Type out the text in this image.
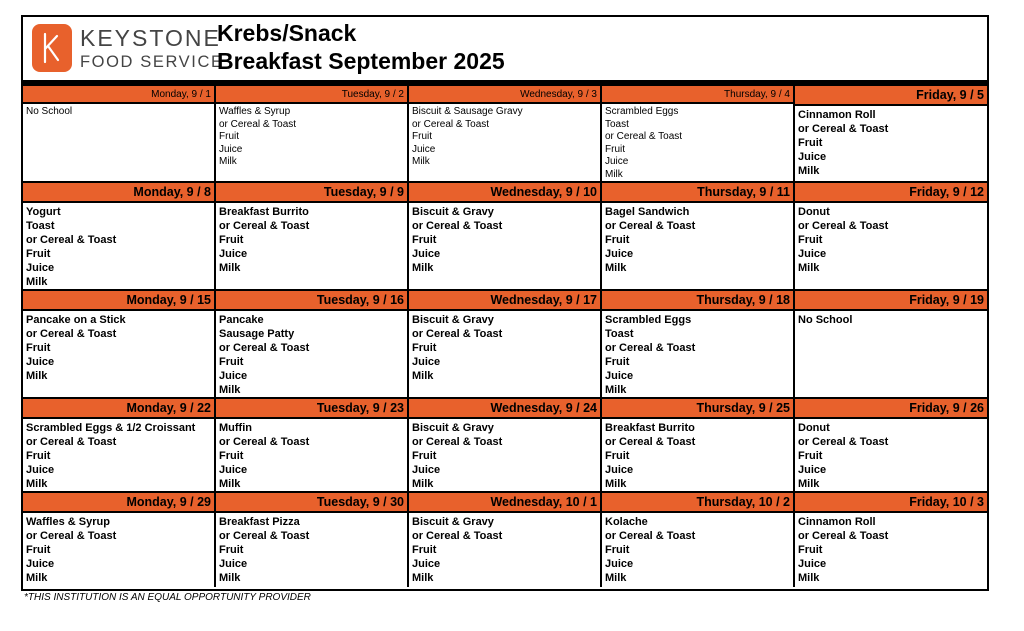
KEYSTONE
FOOD SERVICE
Krebs/Snack
Breakfast September 2025
Monday, 9 / 1
No School
Tuesday, 9 / 2
Waffles & Syrup
or Cereal & Toast
Fruit
Juice
Milk
Wednesday, 9 / 3
Biscuit & Sausage Gravy
or Cereal & Toast
Fruit
Juice
Milk
Thursday, 9 / 4
Scrambled Eggs
Toast
or Cereal & Toast
Fruit
Juice
Milk
Friday, 9 / 5
Cinnamon Roll
or Cereal & Toast
Fruit
Juice
Milk
Monday, 9 / 8
Yogurt
Toast
or Cereal & Toast
Fruit
Juice
Milk
Tuesday, 9 / 9
Breakfast Burrito
or Cereal & Toast
Fruit
Juice
Milk
Wednesday, 9 / 10
Biscuit & Gravy
or Cereal & Toast
Fruit
Juice
Milk
Thursday, 9 / 11
Bagel Sandwich
or Cereal & Toast
Fruit
Juice
Milk
Friday, 9 / 12
Donut
or Cereal & Toast
Fruit
Juice
Milk
Monday, 9 / 15
Pancake on a Stick
or Cereal & Toast
Fruit
Juice
Milk
Tuesday, 9 / 16
Pancake
Sausage Patty
or Cereal & Toast
Fruit
Juice
Milk
Wednesday, 9 / 17
Biscuit & Gravy
or Cereal & Toast
Fruit
Juice
Milk
Thursday, 9 / 18
Scrambled Eggs
Toast
or Cereal & Toast
Fruit
Juice
Milk
Friday, 9 / 19
No School
Monday, 9 / 22
Scrambled Eggs & 1/2 Croissant
or Cereal & Toast
Fruit
Juice
Milk
Tuesday, 9 / 23
Muffin
or Cereal & Toast
Fruit
Juice
Milk
Wednesday, 9 / 24
Biscuit & Gravy
or Cereal & Toast
Fruit
Juice
Milk
Thursday, 9 / 25
Breakfast Burrito
or Cereal & Toast
Fruit
Juice
Milk
Friday, 9 / 26
Donut
or Cereal & Toast
Fruit
Juice
Milk
Monday, 9 / 29
Waffles & Syrup
or Cereal & Toast
Fruit
Juice
Milk
Tuesday, 9 / 30
Breakfast Pizza
or Cereal & Toast
Fruit
Juice
Milk
Wednesday, 10 / 1
Biscuit & Gravy
or Cereal & Toast
Fruit
Juice
Milk
Thursday, 10 / 2
Kolache
or Cereal & Toast
Fruit
Juice
Milk
Friday, 10 / 3
Cinnamon Roll
or Cereal & Toast
Fruit
Juice
Milk
*THIS INSTITUTION IS AN EQUAL OPPORTUNITY PROVIDER
